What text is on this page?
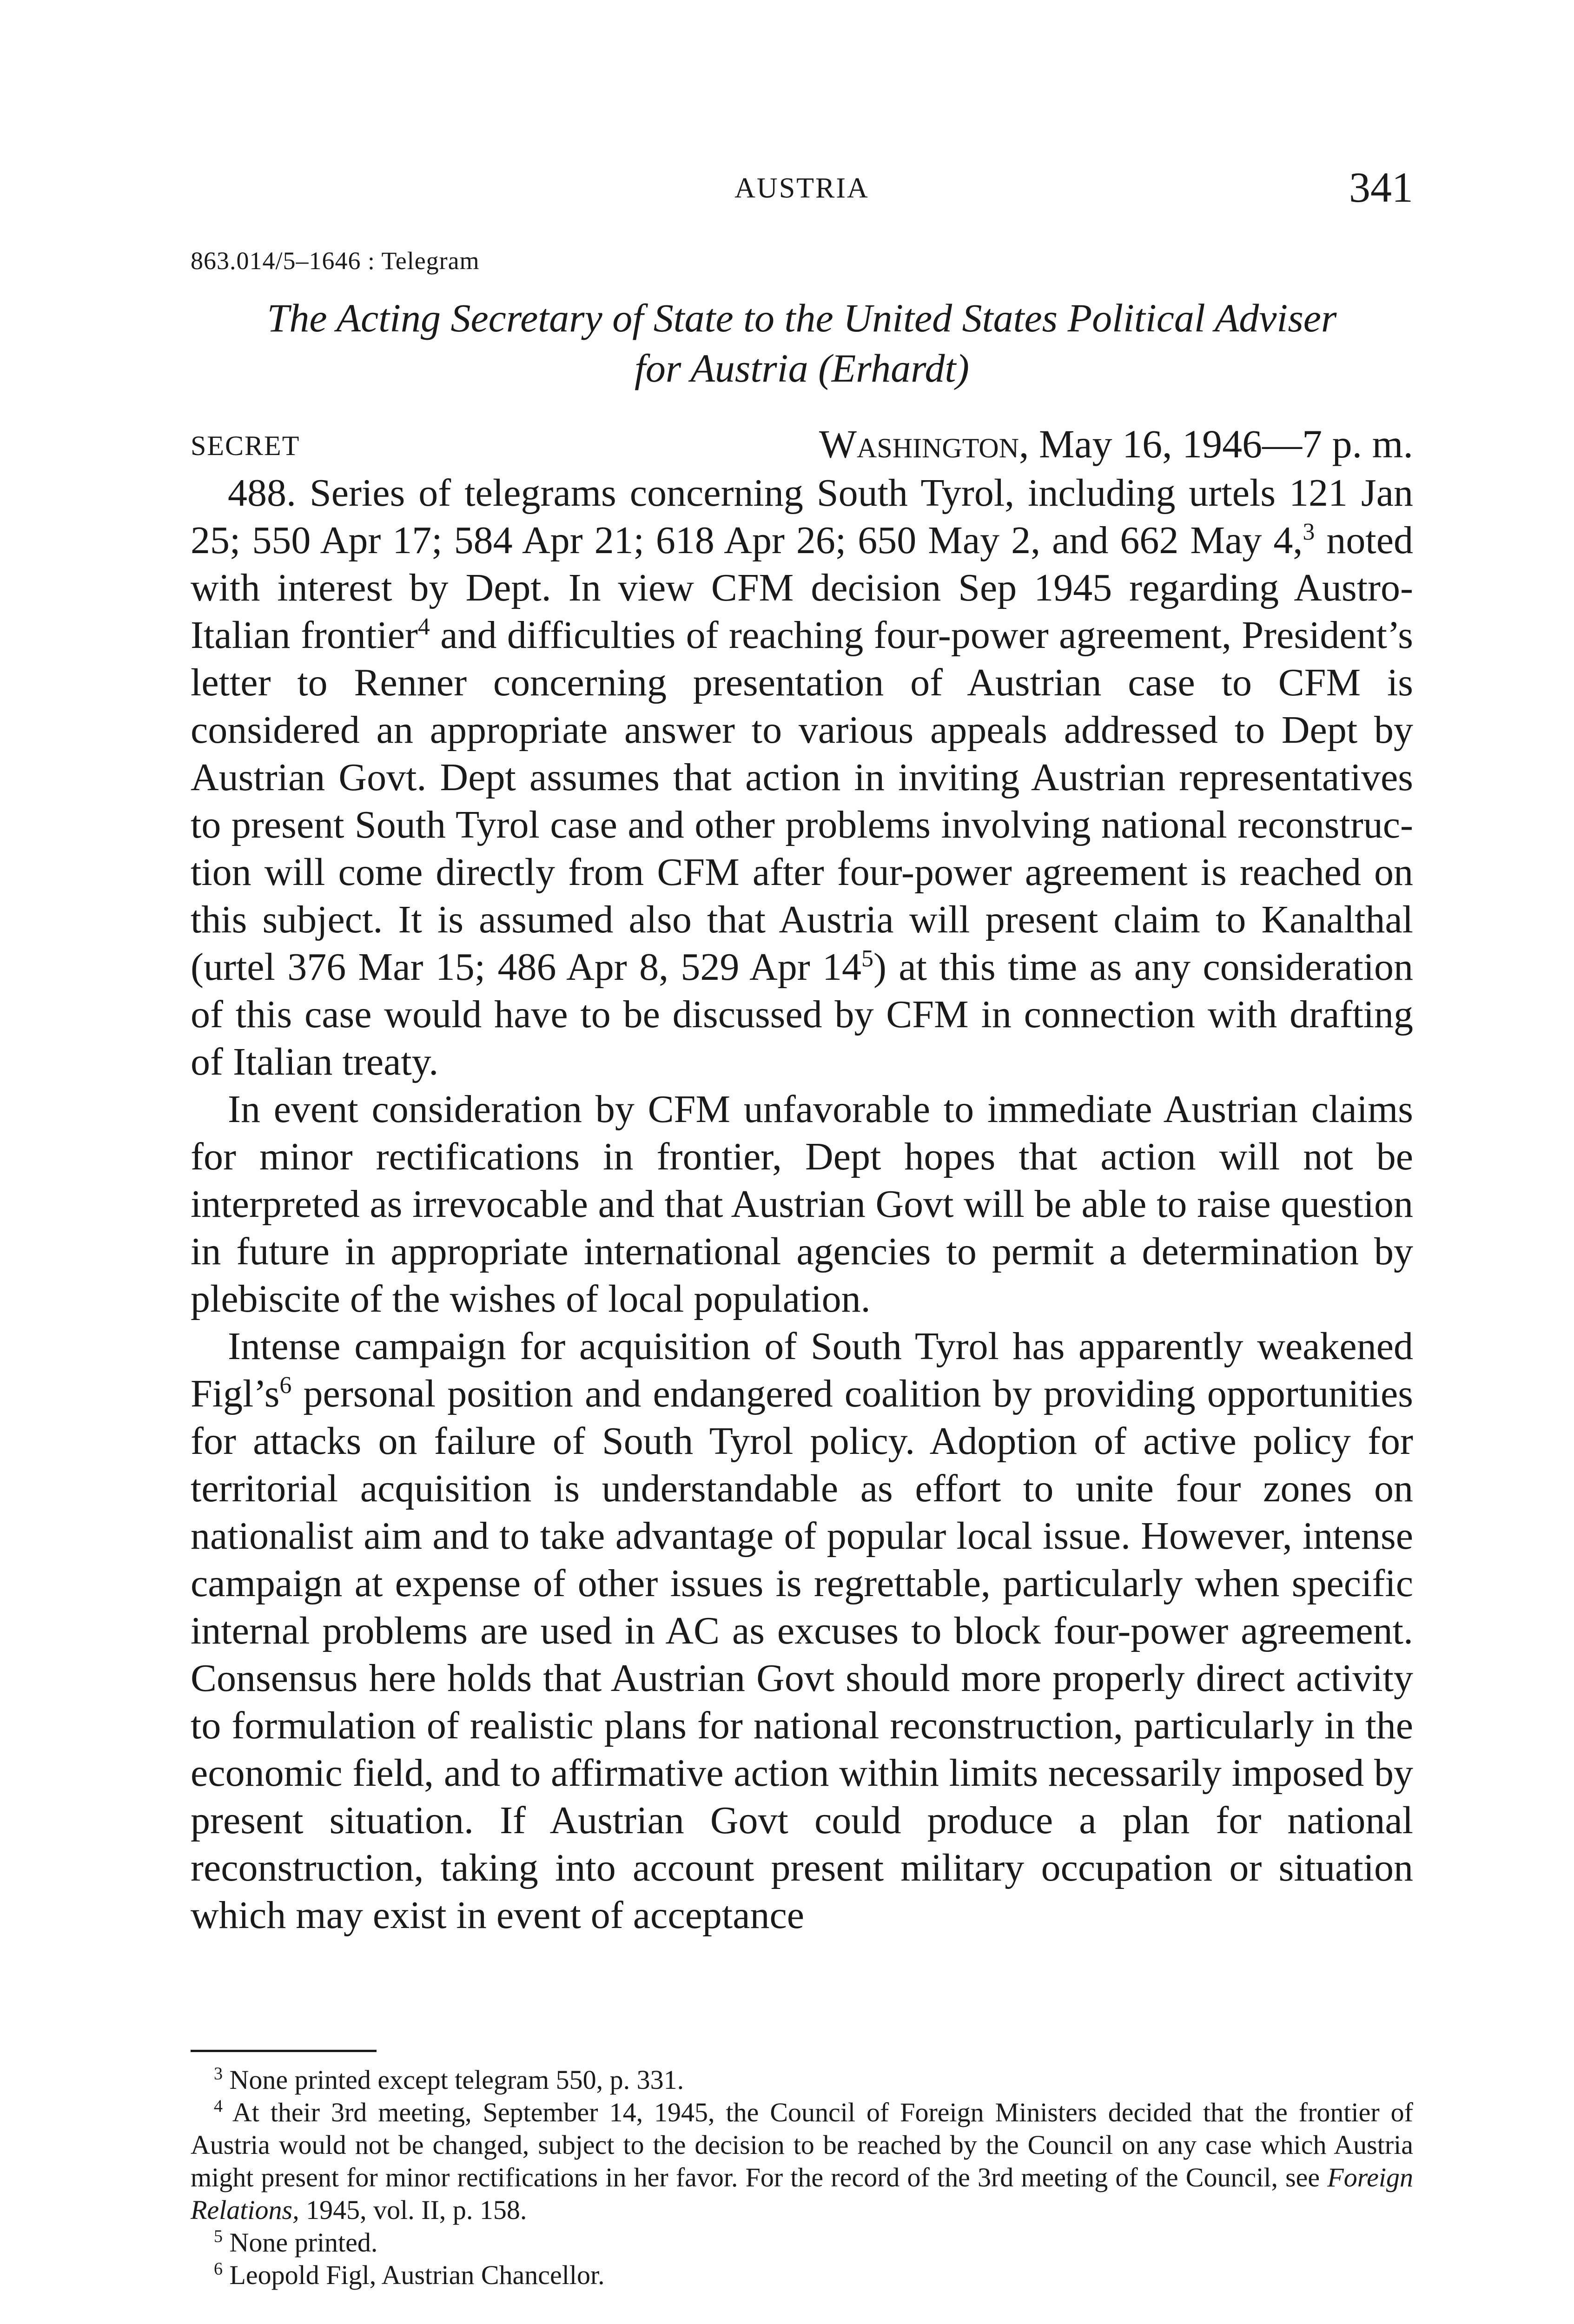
AUSTRIA	341
863.014/5–1646 : Telegram
The Acting Secretary of State to the United States Political Adviser
for Austria (Erhardt)
SECRET	Washington, May 16, 1946—7 p. m.

488. Series of telegrams concerning South Tyrol, including urtels 121 Jan 25; 550 Apr 17; 584 Apr 21; 618 Apr 26; 650 May 2, and 662 May 4,$^3$ noted with interest by Dept. In view CFM decision Sep 1945 regarding Austro-Italian frontier$^4$ and difficulties of reaching four-power agreement, President’s letter to Renner concerning presentation of Austrian case to CFM is considered an appropriate answer to various appeals addressed to Dept by Austrian Govt. Dept assumes that action in inviting Austrian representatives to present South Tyrol case and other problems involving national reconstruction will come directly from CFM after four-power agreement is reached on this subject. It is assumed also that Austria will present claim to Kanalthal (urtel 376 Mar 15; 486 Apr 8, 529 Apr $14^5$) at this time as any consideration of this case would have to be discussed by CFM in connection with drafting of Italian treaty.

In event consideration by CFM unfavorable to immediate Austrian claims for minor rectifications in frontier, Dept hopes that action will not be interpreted as irrevocable and that Austrian Govt will be able to raise question in future in appropriate international agencies to permit a determination by plebiscite of the wishes of local population.

Intense campaign for acquisition of South Tyrol has apparently weakened $Figl’s^6$ personal position and endangered coalition by providing opportunities for attacks on failure of South Tyrol policy. Adoption of active policy for territorial acquisition is understandable as effort to unite four zones on nationalist aim and to take advantage of popular local issue. However, intense campaign at expense of other issues is regrettable, particularly when specific internal problems are used in AC as excuses to block four-power agreement. Consensus here holds that Austrian Govt should more properly direct activity to formulation of realistic plans for national reconstruction, particularly in the economic field, and to affirmative action within limits necessarily imposed by present situation. If Austrian Govt could produce a plan for national reconstruction, taking into account present military occupation or situation which may exist in event of acceptance

$^3$ None printed except telegram 550, p. 331.

$^4$ At their 3rd meeting, September 14, 1945, the Council of Foreign Ministers decided that the frontier of Austria would not be changed, subject to the decision to be reached by the Council on any case which Austria might present for minor rectifications in her favor. For the record of the 3rd meeting of the Council, see Foreign Relations, 1945, vol. II, p. 158.

$^5$ None printed.

$^6$ Leopold Figl, Austrian Chancellor.
